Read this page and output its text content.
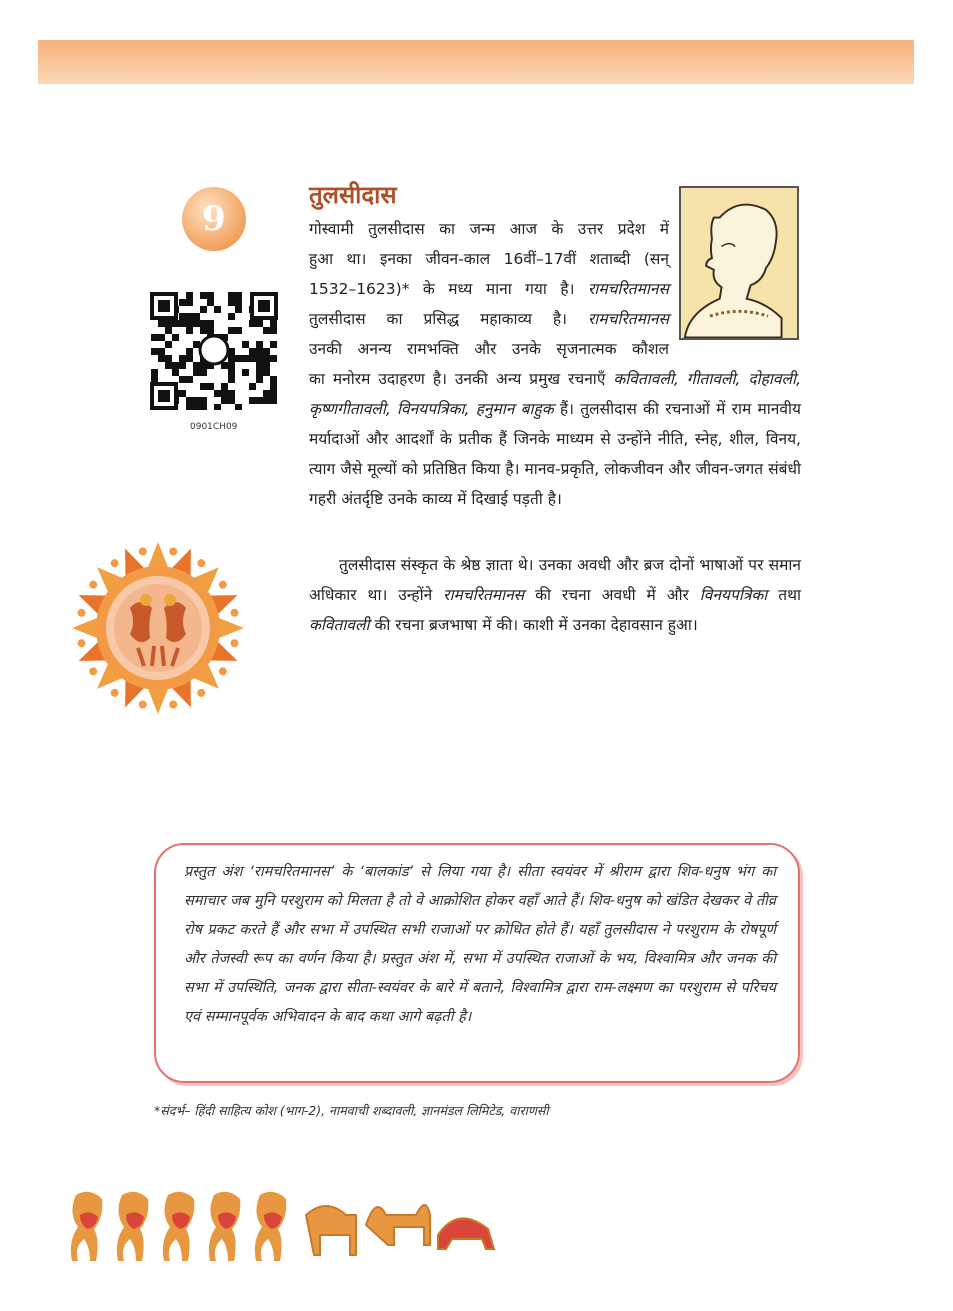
9
0901CH09
तुलसीदास
गोस्वामी तुलसीदास का जन्म आज के उत्तर प्रदेश में
हुआ था। इनका जीवन-काल 16वीं–17वीं शताब्दी (सन्
1532–1623)* के मध्य माना गया है। रामचरितमानस
तुलसीदास का प्रसिद्ध महाकाव्य है। रामचरितमानस
उनकी अनन्य रामभक्ति और उनके सृजनात्मक कौशल
का मनोरम उदाहरण है। उनकी अन्य प्रमुख रचनाएँ कवितावली, गीतावली, दोहावली, कृष्णगीतावली, विनयपत्रिका, हनुमान बाहुक हैं। तुलसीदास की रचनाओं में राम मानवीय मर्यादाओं और आदर्शों के प्रतीक हैं जिनके माध्यम से उन्होंने नीति, स्नेह, शील, विनय, त्याग जैसे मूल्यों को प्रतिष्ठित किया है। मानव-प्रकृति, लोकजीवन और जीवन-जगत संबंधी गहरी अंतर्दृष्टि उनके काव्य में दिखाई पड़ती है।
तुलसीदास संस्कृत के श्रेष्ठ ज्ञाता थे। उनका अवधी और ब्रज दोनों भाषाओं पर समान अधिकार था। उन्होंने रामचरितमानस की रचना अवधी में और विनयपत्रिका तथा कवितावली की रचना ब्रजभाषा में की। काशी में उनका देहावसान हुआ।
प्रस्तुत अंश ‘रामचरितमानस’ के ‘बालकांड’ से लिया गया है। सीता स्वयंवर में श्रीराम द्वारा शिव-धनुष भंग का समाचार जब मुनि परशुराम को मिलता है तो वे आक्रोशित होकर वहाँ आते हैं। शिव-धनुष को खंडित देखकर वे तीव्र रोष प्रकट करते हैं और सभा में उपस्थित सभी राजाओं पर क्रोधित होते हैं। यहाँ तुलसीदास ने परशुराम के रोषपूर्ण और तेजस्वी रूप का वर्णन किया है। प्रस्तुत अंश में, सभा में उपस्थित राजाओं के भय, विश्वामित्र और जनक की सभा में उपस्थिति, जनक द्वारा सीता-स्वयंवर के बारे में बताने, विश्वामित्र द्वारा राम-लक्ष्मण का परशुराम से परिचय एवं सम्मानपूर्वक अभिवादन के बाद कथा आगे बढ़ती है।
*संदर्भ– हिंदी साहित्य कोश (भाग-2), नामवाची शब्दावली, ज्ञानमंडल लिमिटेड, वाराणसी
